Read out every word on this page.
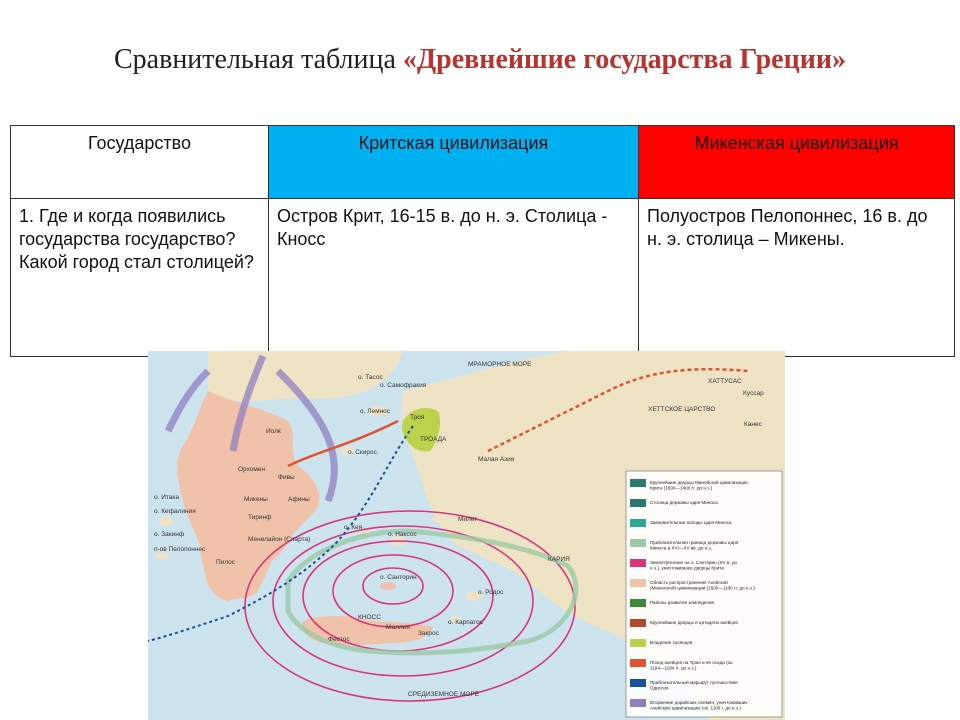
Сравнительная таблица «Древнейшие государства Греции»
Государство	Критская цивилизация	Микенская цивилизация
1. Где и когда появились государства государство? Какой город стал столицей?	Остров Крит, 16-15 в. до н. э. Столица - Кносс	Полуостров Пелопоннес, 16 в. до н. э. столица – Микены.
Крупнейшие дворцы Минойской цивилизации Крита (1500—1400 гг. до н.э.)
Столица державы царя Миноса
Завоевательные походы царя Миноса
Приблизительная граница державы царя Миноса в XVI—XV вв. до н.э.
Землетрясение на о. Санторин (XV в. до н.э.), уничтожившее дворцы Крита
Область распространения Ахейской (Микенской) цивилизации (1500—1100 гг. до н.э.)
Районы развития земледелия
Крупнейшие дворцы и цитадели ахейцев
Владения троянцев
Поход ахейцев на Трою и её осада (ок. 1194—1184 гг. до н.э.)
Приблизительный маршрут путешествия Одиссея
Вторжение дорийских племён, уничтоживших Ахейскую цивилизацию (ок. 1100 г. до н.э.)
о. Тасос
о. Самофракия
о. Лемнос
Троя
ТРОАДА
МРАМОРНОЕ МОРЕ
ХАТТУСАС
Куссар
Канес
ХЕТТСКОЕ ЦАРСТВО
Иолк
Орхомен
Фивы
Афины
Микены
Тиринф
Менелайон (Спарта)
Пилос
о. Итака
о. Кефалиния
о. Закинф
п-ов Пелопоннес
о. Скирос
о. Кея
о. Наксос
Милет
о. Родос
о. Карпатос
о. Санторин
КАРИЯ
КНОСС
Фестос
Маллия
Закрос
СРЕДИЗЕМНОЕ МОРЕ
Малая Азия
